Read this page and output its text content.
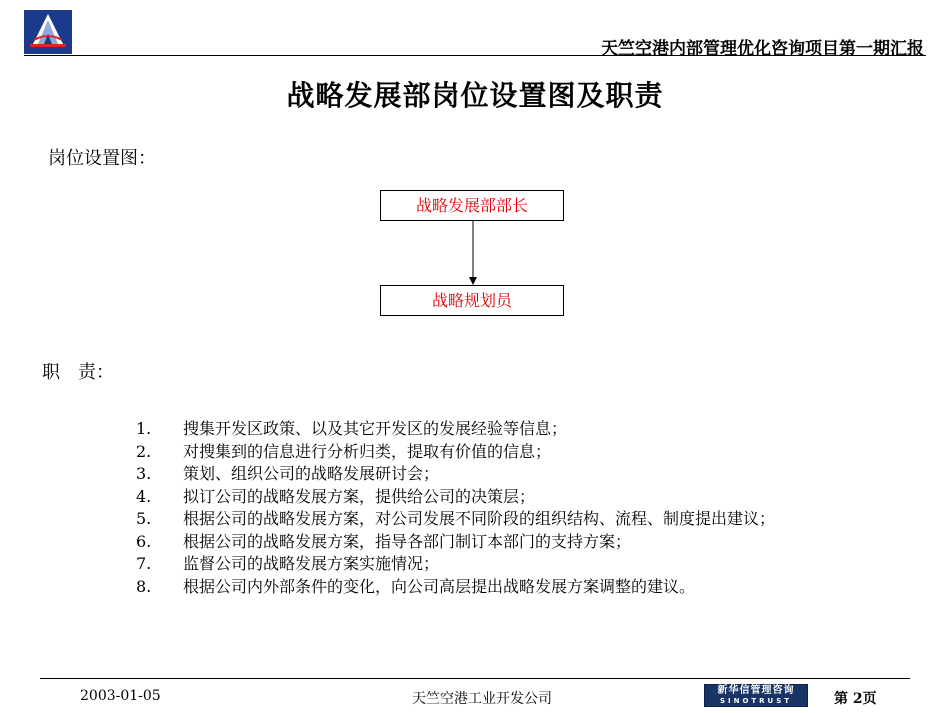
天竺空港内部管理优化咨询项目第一期汇报
战略发展部岗位设置图及职责
岗位设置图：
战略发展部部长
战略规划员
职　责：
1.	搜集开发区政策、以及其它开发区的发展经验等信息；
2.	对搜集到的信息进行分析归类，提取有价值的信息；
3.	策划、组织公司的战略发展研讨会；
4.	拟订公司的战略发展方案，提供给公司的决策层；
5.	根据公司的战略发展方案，对公司发展不同阶段的组织结构、流程、制度提出建议；
6.	根据公司的战略发展方案，指导各部门制订本部门的支持方案；
7.	监督公司的战略发展方案实施情况；
8.	根据公司内外部条件的变化，向公司高层提出战略发展方案调整的建议。
2003-01-05	天竺空港工业开发公司
新华信管理咨询
SINOTRUST	第 2页
